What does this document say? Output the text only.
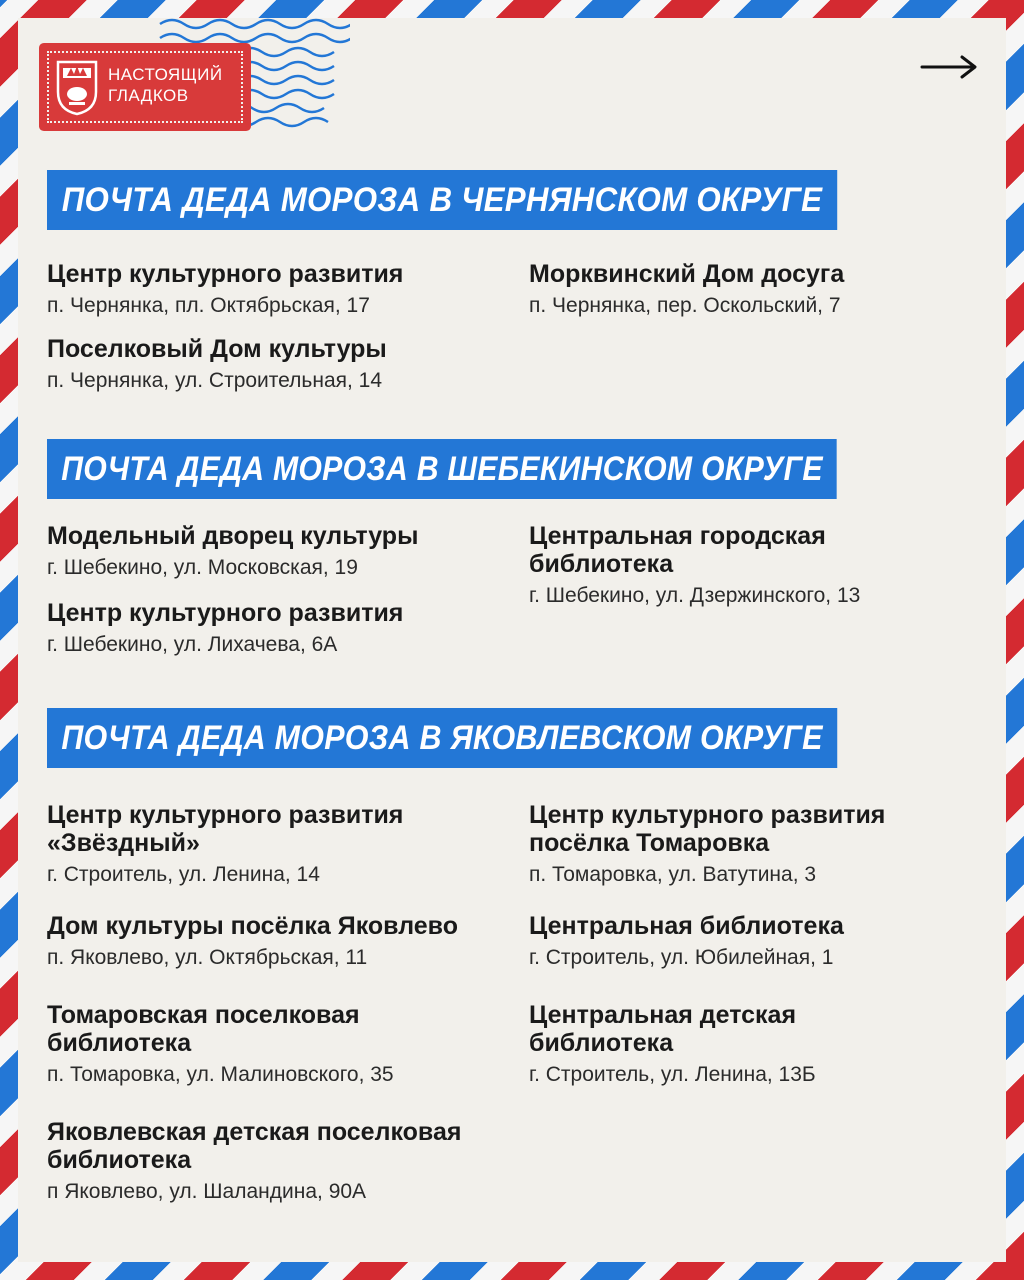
НАСТОЯЩИЙ
ГЛАДКОВ
ПОЧТА ДЕДА МОРОЗА В ЧЕРНЯНСКОМ ОКРУГЕ
Центр культурного развития
п. Чернянка, пл. Октябрьская, 17
Морквинский Дом досуга
п. Чернянка, пер. Оскольский, 7
Поселковый Дом культуры
п. Чернянка, ул. Строительная, 14
ПОЧТА ДЕДА МОРОЗА В ШЕБЕКИНСКОМ ОКРУГЕ
Модельный дворец культуры
г. Шебекино, ул. Московская, 19
Центральная городская библиотека
г. Шебекино, ул. Дзержинского, 13
Центр культурного развития
г. Шебекино, ул. Лихачева, 6А
ПОЧТА ДЕДА МОРОЗА В ЯКОВЛЕВСКОМ ОКРУГЕ
Центр культурного развития «Звёздный»
г. Строитель, ул. Ленина, 14
Центр культурного развития посёлка Томаровка
п. Томаровка, ул. Ватутина, 3
Дом культуры посёлка Яковлево
п. Яковлево, ул. Октябрьская, 11
Центральная библиотека
г. Строитель, ул. Юбилейная, 1
Томаровская поселковая библиотека
п. Томаровка, ул. Малиновского, 35
Центральная детская библиотека
г. Строитель, ул. Ленина, 13Б
Яковлевская детская поселковая библиотека
п Яковлево, ул. Шаландина, 90А
